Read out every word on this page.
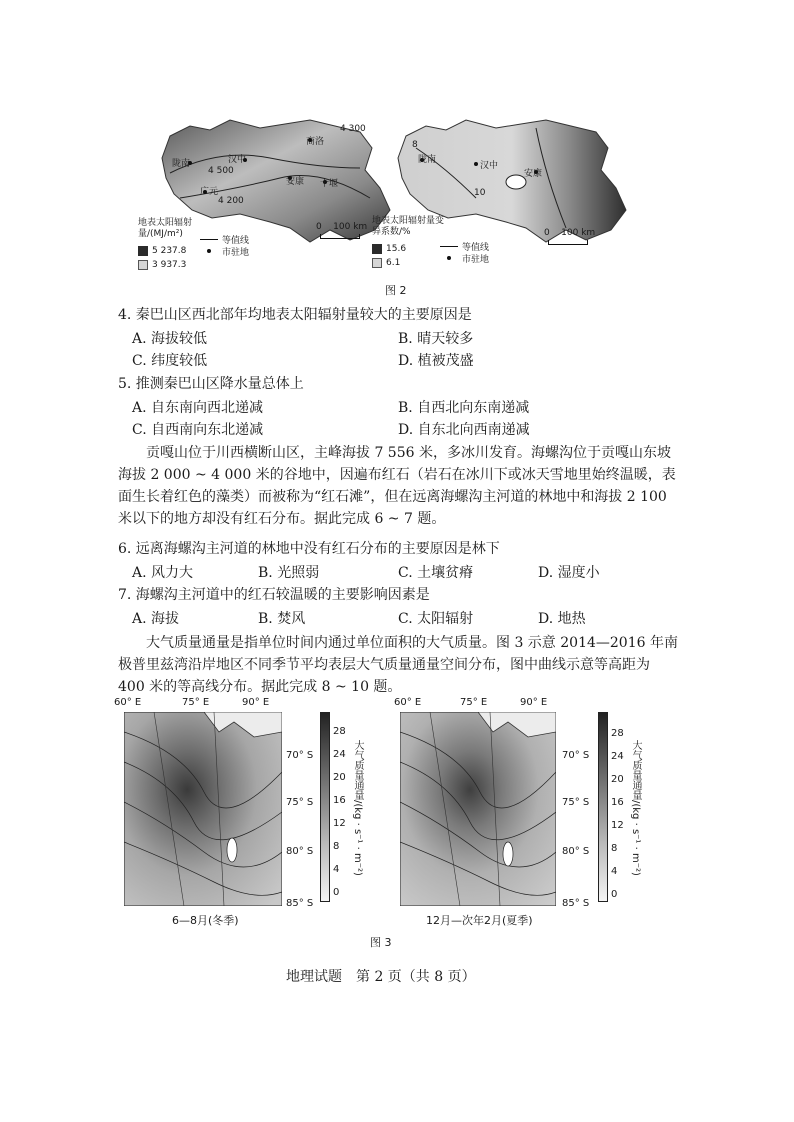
陇南	汉中
安康 十堰
商洛
广元
4 500
4 200
4 300
地表太阳辐射量/(MJ/m²)
5 237.8
3 937.3
等值线
市驻地
0    100 km
陇南
汉中
安康
8
10
地表太阳辐射量变异系数/%
15.6
6.1
等值线
市驻地
0    100 km
图 2
4. 秦巴山区西北部年均地表太阳辐射量较大的主要原因是
A. 海拔较低	B. 晴天较多
C. 纬度较低	D. 植被茂盛
5. 推测秦巴山区降水量总体上
A. 自东南向西北递减	B. 自西北向东南递减
C. 自西南向东北递减	D. 自东北向西南递减
贡嘎山位于川西横断山区，主峰海拔 7 556 米，多冰川发育。海螺沟位于贡嘎山东坡海拔 2 000 ~ 4 000 米的谷地中，因遍布红石（岩石在冰川下或冰天雪地里始终温暖，表面生长着红色的藻类）而被称为“红石滩”，但在远离海螺沟主河道的林地中和海拔 2 100 米以下的地方却没有红石分布。据此完成 6 ~ 7 题。
6. 远离海螺沟主河道的林地中没有红石分布的主要原因是林下
A. 风力大	B. 光照弱	C. 土壤贫瘠	D. 湿度小
7. 海螺沟主河道中的红石较温暖的主要影响因素是
A. 海拔	B. 焚风	C. 太阳辐射	D. 地热
大气质量通量是指单位时间内通过单位面积的大气质量。图 3 示意 2014—2016 年南极普里兹湾沿岸地区不同季节平均表层大气质量通量空间分布，图中曲线示意等高距为 400 米的等高线分布。据此完成 8 ~ 10 题。
60° E	75° E	90° E
70° S
75° S
80° S
85° S
28
24
20
16
12
8
4
0
大气质量通量/(kg · s⁻¹ · m⁻²)
6—8月(冬季)
60° E	75° E	90° E
70° S
75° S
80° S
85° S
28
24
20
16
12
8
4
0
大气质量通量/(kg · s⁻¹ · m⁻²)
12月—次年2月(夏季)
图 3
地理试题　第 2 页（共 8 页）
